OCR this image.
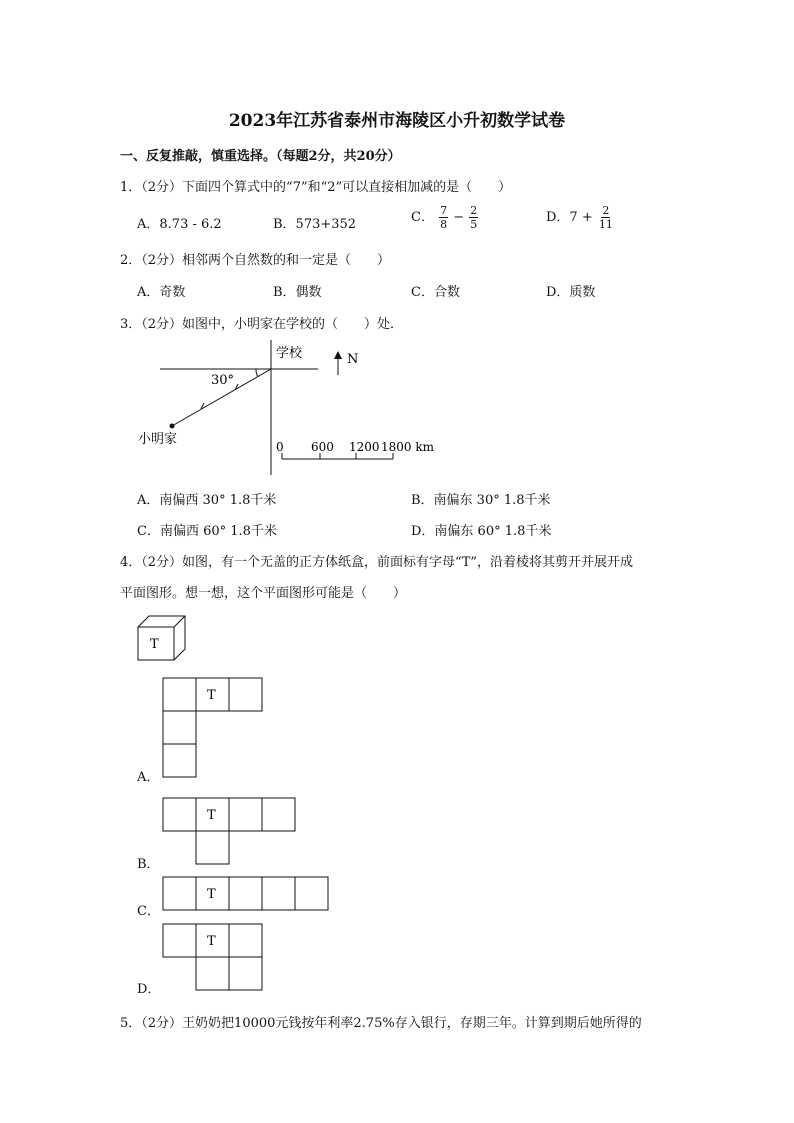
2023年江苏省泰州市海陵区小升初数学试卷
一、反复推敲，慎重选择。（每题2分，共20分）
1．（2分）下面四个算式中的“7”和“2”可以直接相加减的是（　　）
A．8.73 - 6.2	B．573+352	C． $\frac{7}{8} - \frac{2}{5}$	D．$7 + \frac{2}{11}$
2．（2分）相邻两个自然数的和一定是（　　）
A．奇数	B．偶数	C．合数	D．质数
3．（2分）如图中，小明家在学校的（　　）处．
学校	N
30°
小明家	0 600 1200 1800 km
T
T
T
T
T
A．南偏西 30° 1.8千米	B．南偏东 30° 1.8千米
C．南偏西 60° 1.8千米	D．南偏东 60° 1.8千米
4．（2分）如图，有一个无盖的正方体纸盒，前面标有字母“T”，沿着棱将其剪开并展开成
平面图形。想一想，这个平面图形可能是（　　）
A．
B．
C．
D．
5．（2分）王奶奶把10000元钱按年利率2.75%存入银行，存期三年。计算到期后她所得的
